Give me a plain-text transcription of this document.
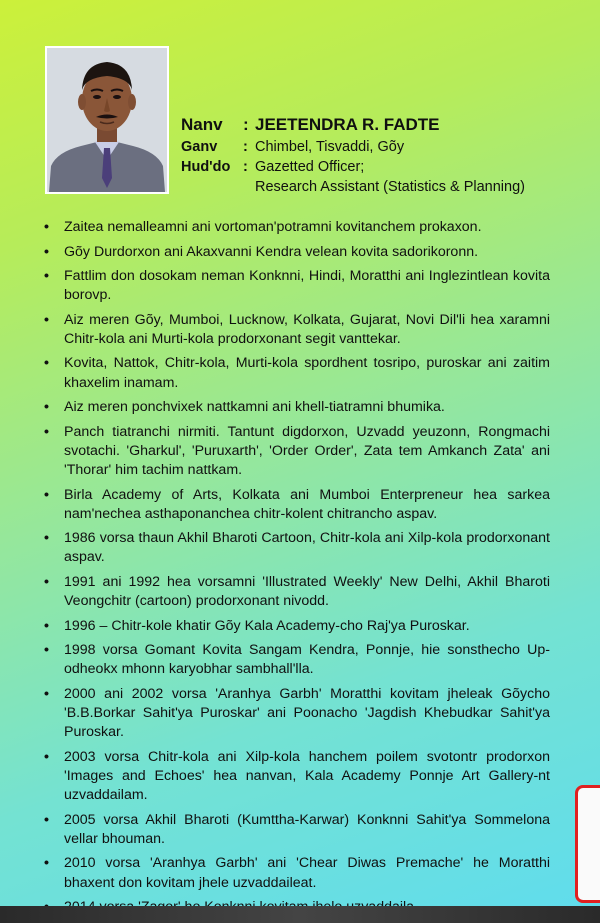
Nanv	: JEETENDRA R. FADTE
Ganv	: Chimbel, Tisvaddi, Gõy
Hud'do : Gazetted Officer;
Research Assistant (Statistics & Planning)
• Zaitea nemalleamni ani vortoman'potramni kovitanchem prokaxon.
• Gõy Durdorxon ani Akaxvanni Kendra velean kovita sadorikoronn.
• Fattlim don dosokam neman Konknni, Hindi, Moratthi ani Inglezintlean kovita borovp.
• Aiz meren Gõy, Mumboi, Lucknow, Kolkata, Gujarat, Novi Dil'li hea xaramni Chitr-kola ani Murti-kola prodorxonant segit vanttekar.
• Kovita, Nattok, Chitr-kola, Murti-kola spordhent tosripo, puroskar ani zaitim khaxelim inamam.
• Aiz meren ponchvixek nattkamni ani khell-tiatramni bhumika.
• Panch tiatranchi nirmiti. Tantunt digdorxon, Uzvadd yeuzonn, Rongmachi svotachi. 'Gharkul', 'Puruxarth', 'Order Order', Zata tem Amkanch Zata' ani 'Thorar' him tachim nattkam.
• Birla Academy of Arts, Kolkata ani Mumboi Enterpreneur hea sarkea nam'nechea asthaponanchea chitr-kolent chitrancho aspav.
• 1986 vorsa thaun Akhil Bharoti Cartoon, Chitr-kola ani Xilp-kola prodorxonant aspav.
• 1991 ani 1992 hea vorsamni 'Illustrated Weekly' New Delhi, Akhil Bharoti Veongchitr (cartoon) prodorxonant nivodd.
• 1996 – Chitr-kole khatir Gõy Kala Academy-cho Raj'ya Puroskar.
• 1998 vorsa Gomant Kovita Sangam Kendra, Ponnje, hie sonsthecho Up-odheokx mhonn karyobhar sambhall'lla.
• 2000 ani 2002 vorsa 'Aranhya Garbh' Moratthi kovitam jheleak Gõycho 'B.B.Borkar Sahit'ya Puroskar' ani Poonacho 'Jagdish Khebudkar Sahit'ya Puroskar.
• 2003 vorsa Chitr-kola ani Xilp-kola hanchem poilem svotontr prodorxon 'Images and Echoes' hea nanvan, Kala Academy Ponnje Art Gallery-nt uzvaddailam.
• 2005 vorsa Akhil Bharoti (Kumttha-Karwar) Konknni Sahit'ya Sommelona vellar bhouman.
• 2010 vorsa 'Aranhya Garbh' ani 'Chear Diwas Premache' he Moratthi bhaxent don kovitam jhele uzvaddaileat.
